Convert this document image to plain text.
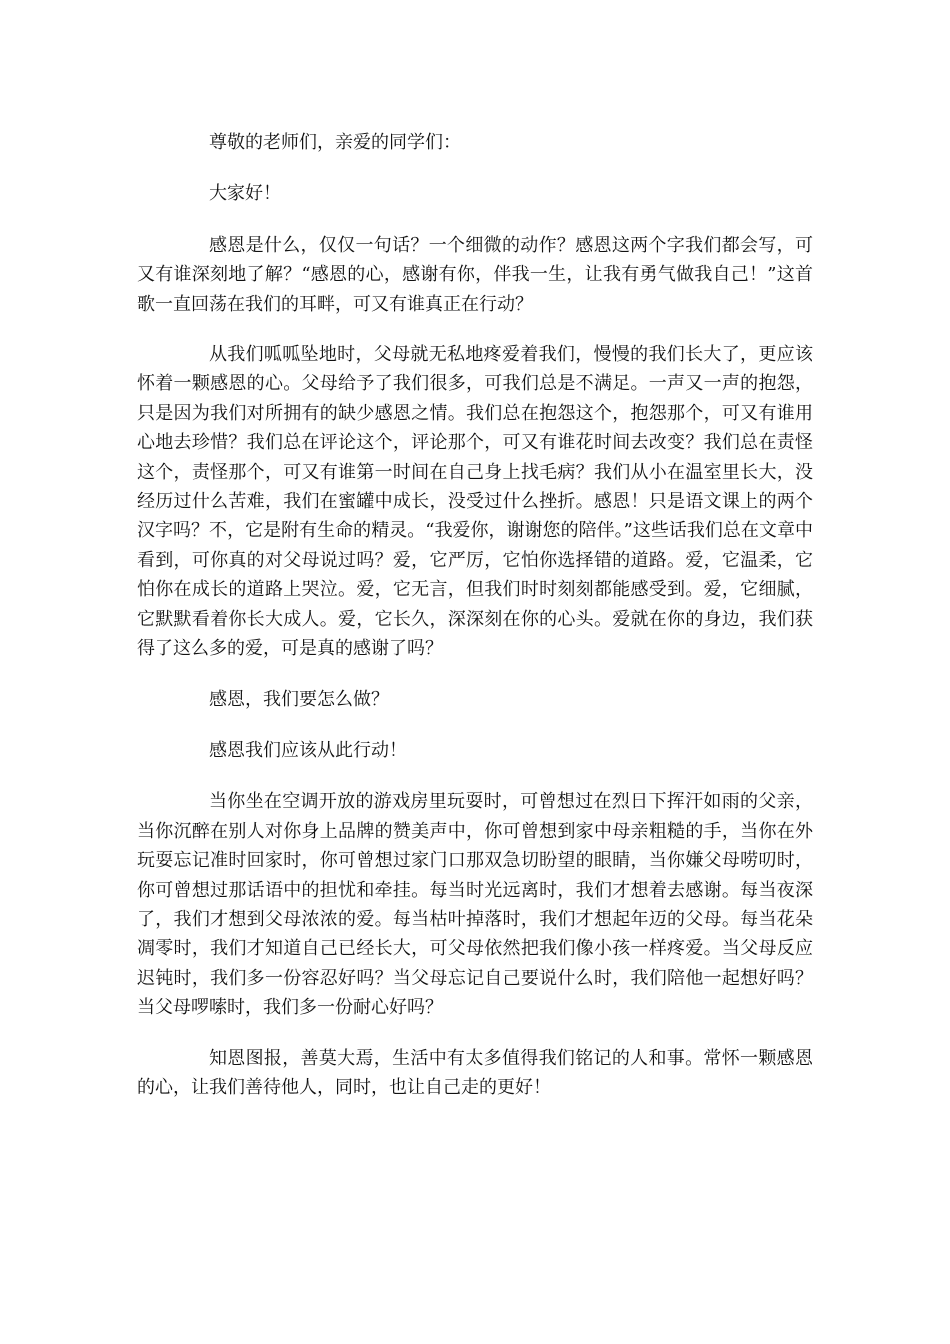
尊敬的老师们，亲爱的同学们：

大家好！

感恩是什么，仅仅一句话？一个细微的动作？感恩这两个字我们都会写，可又有谁深刻地了解？“感恩的心，感谢有你，伴我一生，让我有勇气做我自己！”这首歌一直回荡在我们的耳畔，可又有谁真正在行动？

从我们呱呱坠地时，父母就无私地疼爱着我们，慢慢的我们长大了，更应该怀着一颗感恩的心。父母给予了我们很多，可我们总是不满足。一声又一声的抱怨，只是因为我们对所拥有的缺少感恩之情。我们总在抱怨这个，抱怨那个，可又有谁用心地去珍惜？我们总在评论这个，评论那个，可又有谁花时间去改变？我们总在责怪这个，责怪那个，可又有谁第一时间在自己身上找毛病？我们从小在温室里长大，没经历过什么苦难，我们在蜜罐中成长，没受过什么挫折。感恩！只是语文课上的两个汉字吗？不，它是附有生命的精灵。“我爱你，谢谢您的陪伴。”这些话我们总在文章中看到，可你真的对父母说过吗？爱，它严厉，它怕你选择错的道路。爱，它温柔，它怕你在成长的道路上哭泣。爱，它无言，但我们时时刻刻都能感受到。爱，它细腻，它默默看着你长大成人。爱，它长久，深深刻在你的心头。爱就在你的身边，我们获得了这么多的爱，可是真的感谢了吗？

感恩，我们要怎么做？

感恩我们应该从此行动！

当你坐在空调开放的游戏房里玩耍时，可曾想过在烈日下挥汗如雨的父亲，当你沉醉在别人对你身上品牌的赞美声中，你可曾想到家中母亲粗糙的手，当你在外玩耍忘记准时回家时，你可曾想过家门口那双急切盼望的眼睛，当你嫌父母唠叨时，你可曾想过那话语中的担忧和牵挂。每当时光远离时，我们才想着去感谢。每当夜深了，我们才想到父母浓浓的爱。每当枯叶掉落时，我们才想起年迈的父母。每当花朵凋零时，我们才知道自己已经长大，可父母依然把我们像小孩一样疼爱。当父母反应迟钝时，我们多一份容忍好吗？当父母忘记自己要说什么时，我们陪他一起想好吗？当父母啰嗦时，我们多一份耐心好吗？

知恩图报，善莫大焉，生活中有太多值得我们铭记的人和事。常怀一颗感恩的心，让我们善待他人，同时，也让自己走的更好！
